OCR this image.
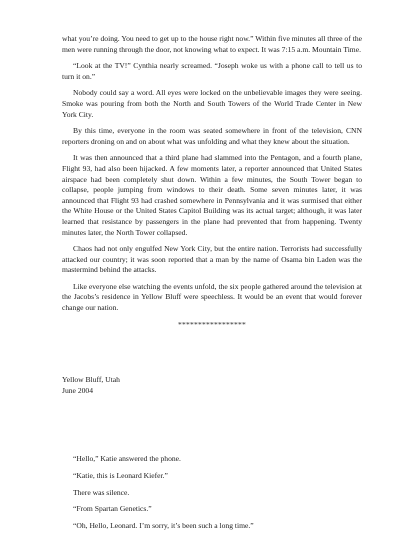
what you’re doing. You need to get up to the house right now.” Within five minutes all three of the men were running through the door, not knowing what to expect. It was 7:15 a.m. Mountain Time.

“Look at the TV!” Cynthia nearly screamed. “Joseph woke us with a phone call to tell us to turn it on.”

Nobody could say a word. All eyes were locked on the unbelievable images they were seeing. Smoke was pouring from both the North and South Towers of the World Trade Center in New York City.

By this time, everyone in the room was seated somewhere in front of the television, CNN reporters droning on and on about what was unfolding and what they knew about the situation.

It was then announced that a third plane had slammed into the Pentagon, and a fourth plane, Flight 93, had also been hijacked. A few moments later, a reporter announced that United States airspace had been completely shut down. Within a few minutes, the South Tower began to collapse, people jumping from windows to their death. Some seven minutes later, it was announced that Flight 93 had crashed somewhere in Pennsylvania and it was surmised that either the White House or the United States Capitol Building was its actual target; although, it was later learned that resistance by passengers in the plane had prevented that from happening. Twenty minutes later, the North Tower collapsed.

Chaos had not only engulfed New York City, but the entire nation. Terrorists had successfully attacked our country; it was soon reported that a man by the name of Osama bin Laden was the mastermind behind the attacks.

Like everyone else watching the events unfold, the six people gathered around the television at the Jacobs’s residence in Yellow Bluff were speechless. It would be an event that would forever change our nation.

*****************

Yellow Bluff, Utah
June 2004

“Hello,” Katie answered the phone.

“Katie, this is Leonard Kiefer.”

There was silence.

“From Spartan Genetics.”

“Oh, Hello, Leonard. I’m sorry, it’s been such a long time.”
